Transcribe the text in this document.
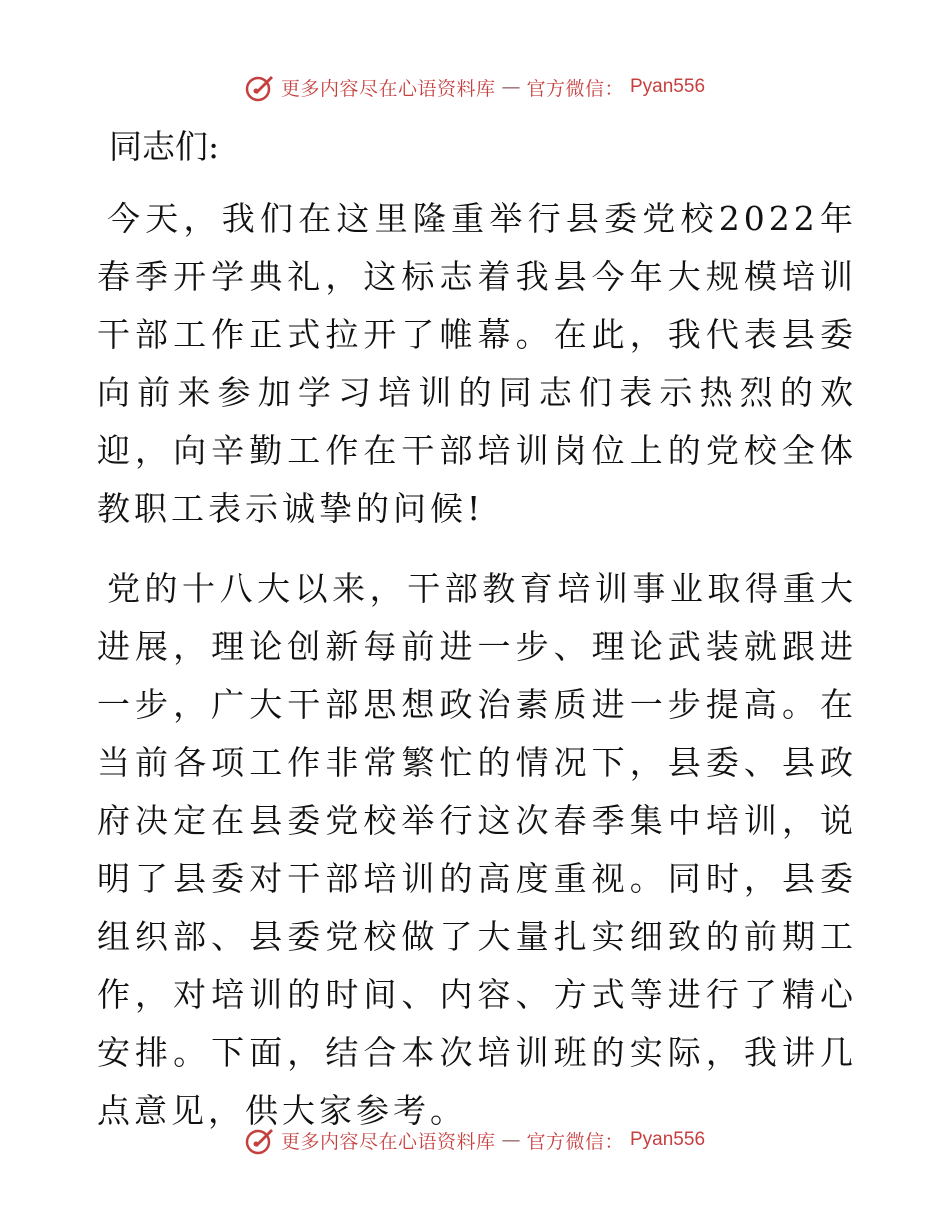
更多内容尽在心语资料库 — 官方微信： Pyan556

同志们:

今天，我们在这里隆重举行县委党校2022年春季开学典礼，这标志着我县今年大规模培训干部工作正式拉开了帷幕。在此，我代表县委向前来参加学习培训的同志们表示热烈的欢迎，向辛勤工作在干部培训岗位上的党校全体教职工表示诚挚的问候!

党的十八大以来，干部教育培训事业取得重大进展，理论创新每前进一步、理论武装就跟进一步，广大干部思想政治素质进一步提高。在当前各项工作非常繁忙的情况下，县委、县政府决定在县委党校举行这次春季集中培训，说明了县委对干部培训的高度重视。同时，县委组织部、县委党校做了大量扎实细致的前期工作，对培训的时间、内容、方式等进行了精心安排。下面，结合本次培训班的实际，我讲几点意见，供大家参考。

更多内容尽在心语资料库 — 官方微信： Pyan556
